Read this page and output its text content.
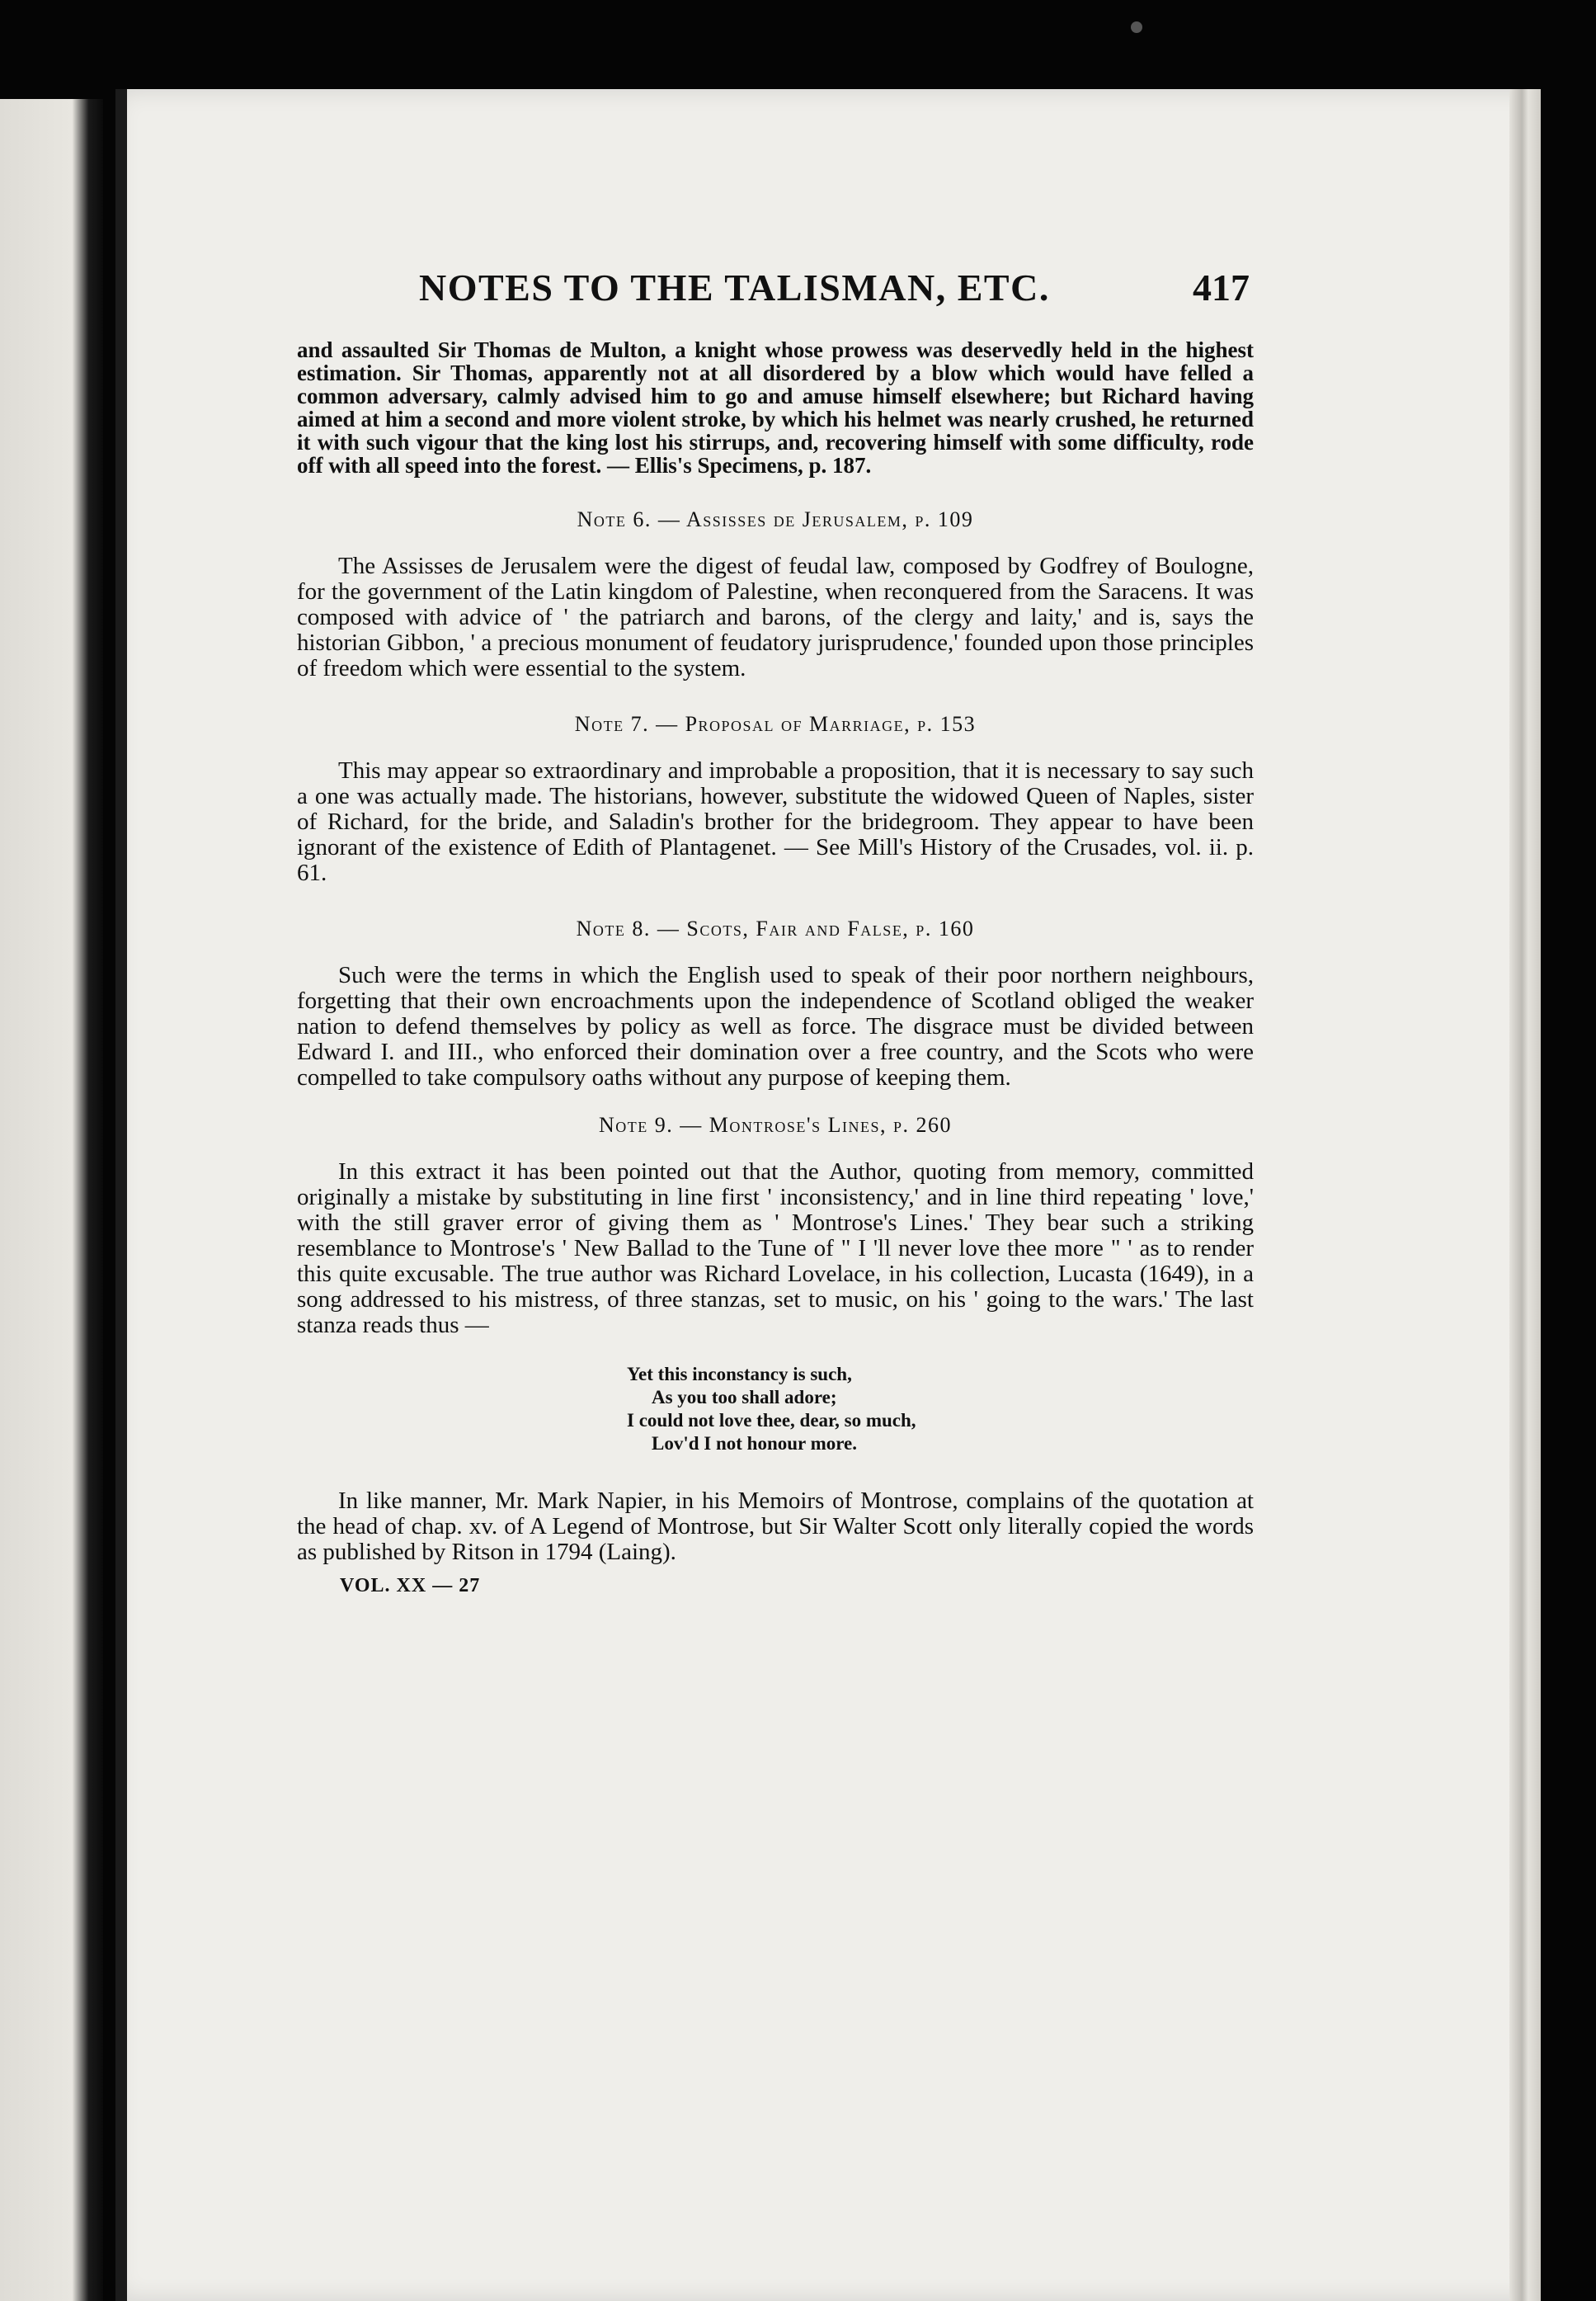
NOTES TO THE TALISMAN, ETC.	417

and assaulted Sir Thomas de Multon, a knight whose prowess was deservedly held in the highest estimation. Sir Thomas, apparently not at all disordered by a blow which would have felled a common adversary, calmly advised him to go and amuse himself elsewhere; but Richard having aimed at him a second and more violent stroke, by which his helmet was nearly crushed, he returned it with such vigour that the king lost his stirrups, and, recovering himself with some difficulty, rode off with all speed into the forest. — Ellis's Specimens, p. 187.

Note 6. — Assisses de Jerusalem, p. 109

The Assisses de Jerusalem were the digest of feudal law, composed by Godfrey of Boulogne, for the government of the Latin kingdom of Palestine, when reconquered from the Saracens. It was composed with advice of ' the patriarch and barons, of the clergy and laity,' and is, says the historian Gibbon, ' a precious monument of feudatory jurisprudence,' founded upon those principles of freedom which were essential to the system.

Note 7. — Proposal of Marriage, p. 153

This may appear so extraordinary and improbable a proposition, that it is necessary to say such a one was actually made. The historians, however, substitute the widowed Queen of Naples, sister of Richard, for the bride, and Saladin's brother for the bridegroom. They appear to have been ignorant of the existence of Edith of Plantagenet. — See Mill's History of the Crusades, vol. ii. p. 61.

Note 8. — Scots, Fair and False, p. 160

Such were the terms in which the English used to speak of their poor northern neighbours, forgetting that their own encroachments upon the independence of Scotland obliged the weaker nation to defend themselves by policy as well as force. The disgrace must be divided between Edward I. and III., who enforced their domination over a free country, and the Scots who were compelled to take compulsory oaths without any purpose of keeping them.

Note 9. — Montrose's Lines, p. 260

In this extract it has been pointed out that the Author, quoting from memory, committed originally a mistake by substituting in line first ' inconsistency,' and in line third repeating ' love,' with the still graver error of giving them as ' Montrose's Lines.' They bear such a striking resemblance to Montrose's ' New Ballad to the Tune of " I 'll never love thee more " ' as to render this quite excusable. The true author was Richard Lovelace, in his collection, Lucasta (1649), in a song addressed to his mistress, of three stanzas, set to music, on his ' going to the wars.' The last stanza reads thus —

Yet this inconstancy is such,
As you too shall adore;
I could not love thee, dear, so much,
Lov'd I not honour more.

In like manner, Mr. Mark Napier, in his Memoirs of Montrose, complains of the quotation at the head of chap. xv. of A Legend of Montrose, but Sir Walter Scott only literally copied the words as published by Ritson in 1794 (Laing).

VOL. XX — 27
